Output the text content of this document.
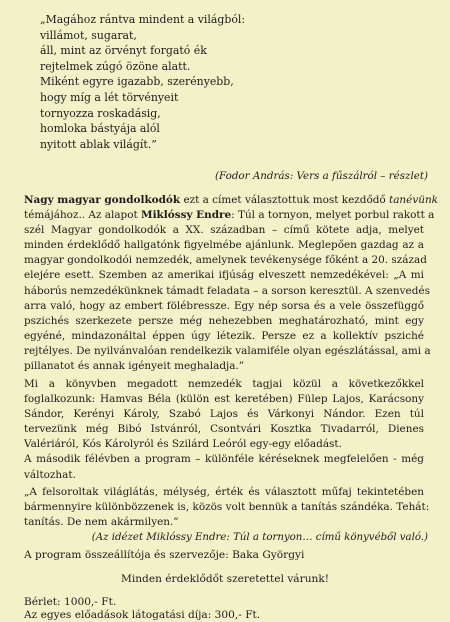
„Magához rántva mindent a világból:
villámot, sugarat,
áll, mint az örvényt forgató ék
rejtelmek zúgó özöne alatt.
Miként egyre igazabb, szerényebb,
hogy míg a lét törvényeit
tornyozza roskadásig,
homloka bástyája alól
nyitott ablak világít.”
(Fodor András: Vers a fűszálról – részlet)
Nagy magyar gondolkodók ezt a címet választottuk most kezdődő tanévünk
témájához.. Az alapot Miklóssy Endre: Túl a tornyon, melyet porbul rakott a
szél Magyar gondolkodók a XX. században – című kötete adja, melyet
minden érdeklődő hallgatónk figyelmébe ajánlunk. Meglepően gazdag az a
magyar gondolkodói nemzedék, amelynek tevékenysége főként a 20. század
elejére esett. Szemben az amerikai ifjúság elveszett nemzedékével: „A mi
háborús nemzedékünknek támadt feladata – a sorson keresztül. A szenvedés
arra való, hogy az embert fölébressze. Egy nép sorsa és a vele összefüggő
pszichés szerkezete persze még nehezebben meghatározható, mint egy
egyéné, mindazonáltal éppen úgy létezik. Persze ez a kollektív psziché
rejtélyes. De nyilvánvalóan rendelkezik valamiféle olyan egészlátással, ami a
pillanatot és annak igényeit meghaladja.”
Mi a könyvben megadott nemzedék tagjai közül a következőkkel
foglalkozunk: Hamvas Béla (külön est keretében) Fülep Lajos, Karácsony
Sándor, Kerényi Károly, Szabó Lajos és Várkonyi Nándor. Ezen túl
tervezünk még Bibó Istvánról, Csontvári Kosztka Tivadarról, Dienes
Valériáról, Kós Károlyról és Szilárd Leóról egy-egy előadást.
A második félévben a program – különféle kéréseknek megfelelően - még
változhat.
„A felsoroltak világlátás, mélység, érték és választott műfaj tekintetében
bármennyire különbözzenek is, közös volt bennük a tanítás szándéka. Tehát:
tanítás. De nem akármilyen.”
(Az idézet Miklóssy Endre: Túl a tornyon… című könyvéből való.)
A program összeállítója és szervezője: Baka Györgyi
Minden érdeklődőt szeretettel várunk!
Bérlet: 1000,- Ft.
Az egyes előadások látogatási díja: 300,- Ft.
